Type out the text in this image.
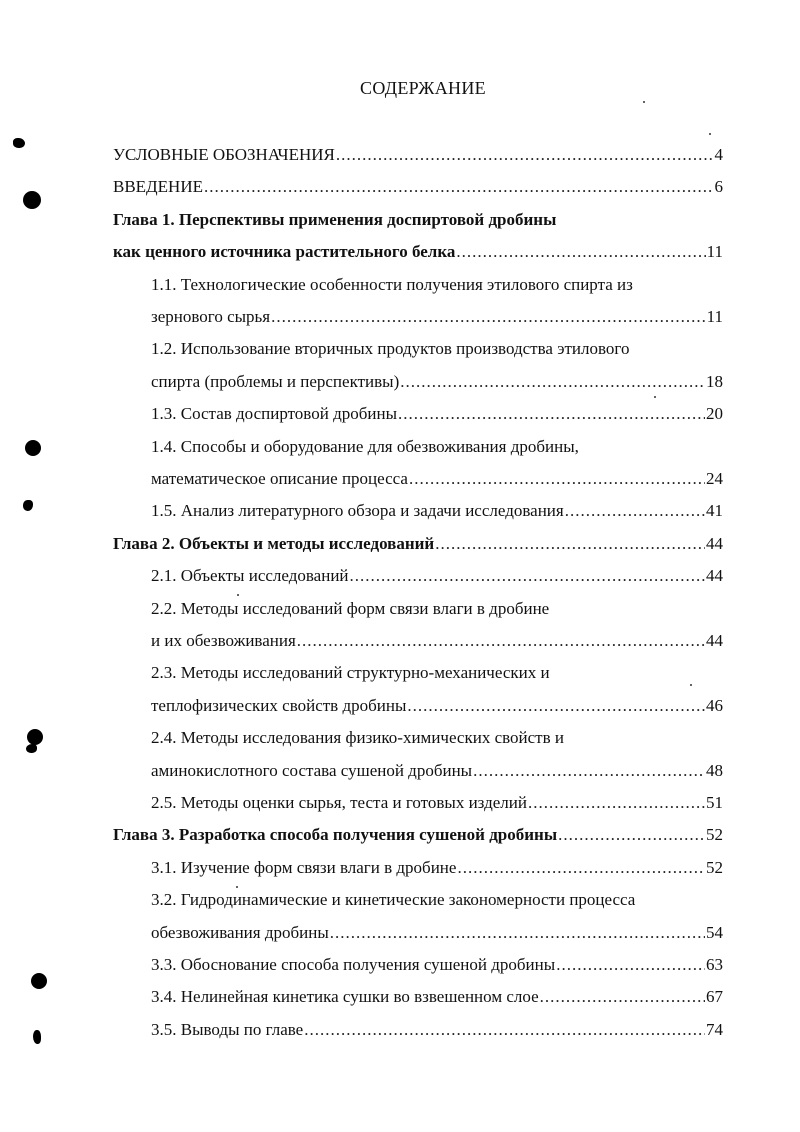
СОДЕРЖАНИЕ
УСЛОВНЫЕ ОБОЗНАЧЕНИЯ .....	4
ВВЕДЕНИЕ .....	6
Глава 1. Перспективы применения доспиртовой дробины
как ценного источника растительного белка .....	11
1.1. Технологические особенности получения этилового спирта из
зернового сырья .....	11
1.2. Использование вторичных продуктов производства этилового
спирта (проблемы и перспективы) .....	18
1.3. Состав доспиртовой дробины .....	20
1.4. Способы и оборудование для обезвоживания дробины,
математическое описание процесса .....	24
1.5. Анализ литературного обзора и задачи исследования .....	41
Глава 2. Объекты и методы исследований .....	44
2.1. Объекты исследований .....	44
2.2. Методы исследований форм связи влаги в дробине
и их обезвоживания .....	44
2.3. Методы исследований структурно-механических и
теплофизических свойств дробины .....	46
2.4. Методы исследования физико-химических свойств и
аминокислотного состава сушеной дробины .....	48
2.5. Методы оценки сырья, теста и готовых изделий .....	51
Глава 3. Разработка способа получения сушеной дробины .....	52
3.1. Изучение форм связи влаги в дробине .....	52
3.2. Гидродинамические и кинетические закономерности процесса
обезвоживания дробины .....	54
3.3. Обоснование способа получения сушеной дробины .....	63
3.4. Нелинейная кинетика сушки во взвешенном слое .....	67
3.5. Выводы по главе .....	74
